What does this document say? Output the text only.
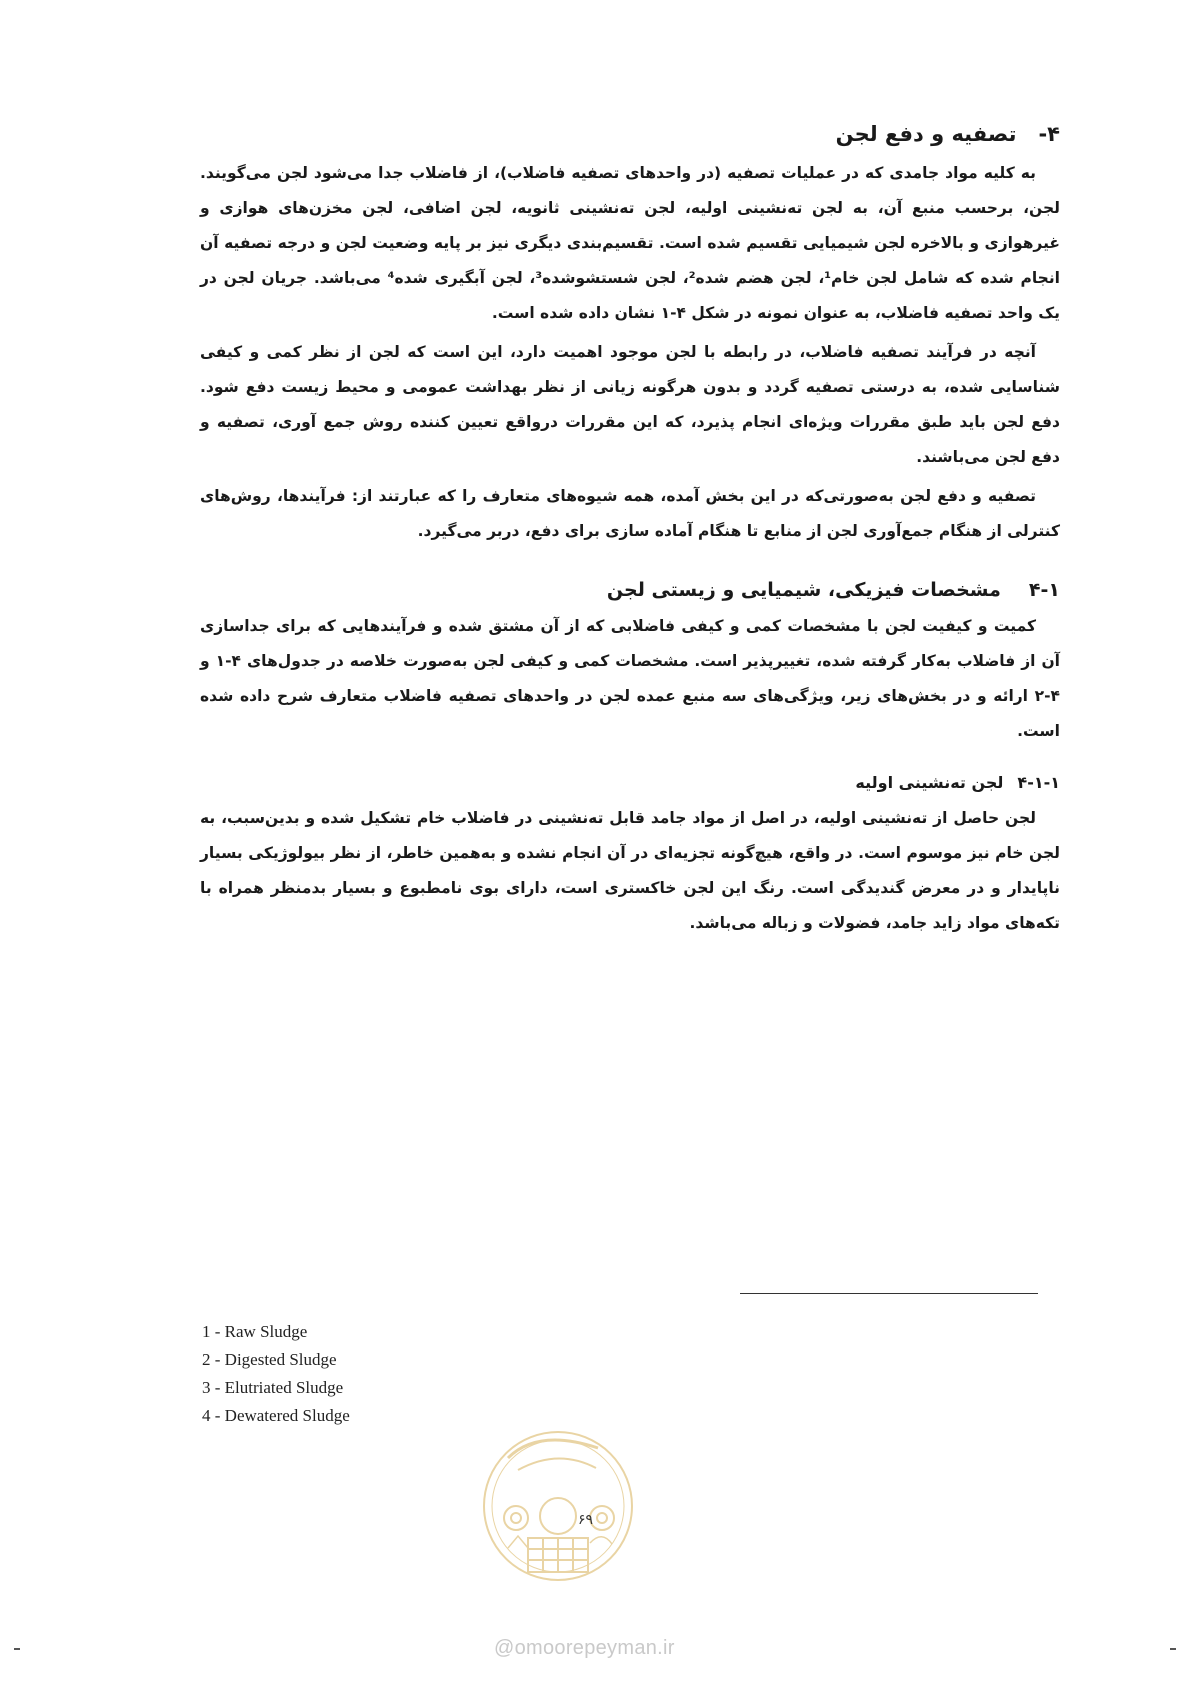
۴-
تصفیه و دفع لجن

به کلیه مواد جامدی که در عملیات تصفیه (در واحدهای تصفیه فاضلاب)، از فاضلاب جدا می‌شود لجن می‌گویند. لجن، برحسب منبع آن، به لجن ته‌نشینی اولیه، لجن ته‌نشینی ثانویه، لجن اضافی، لجن مخزن‌های هوازی و غیرهوازی و بالاخره لجن شیمیایی تقسیم شده است. تقسیم‌بندی دیگری نیز بر پایه وضعیت لجن و درجه تصفیه آن انجام شده که شامل لجن خام¹، لجن هضم شده²، لجن شستشوشده³، لجن آبگیری شده⁴ می‌باشد. جریان لجن در یک واحد تصفیه فاضلاب، به عنوان نمونه در شکل ۴-۱ نشان داده شده است.

آنچه در فرآیند تصفیه فاضلاب، در رابطه با لجن موجود اهمیت دارد، این است که لجن از نظر کمی و کیفی شناسایی شده، به درستی تصفیه گردد و بدون هرگونه زیانی از نظر بهداشت عمومی و محیط زیست دفع شود. دفع لجن باید طبق مقررات ویژه‌ای انجام پذیرد، که این مقررات درواقع تعیین کننده روش جمع آوری، تصفیه و دفع لجن می‌باشند.

تصفیه و دفع لجن به‌صورتی‌که در این بخش آمده، همه شیوه‌های متعارف را که عبارتند از: فرآیندها، روش‌های کنترلی از هنگام جمع‌آوری لجن از منابع تا هنگام آماده سازی برای دفع، دربر می‌گیرد.

۴-۱
مشخصات فیزیکی، شیمیایی و زیستی لجن

کمیت و کیفیت لجن با مشخصات کمی و کیفی فاضلابی که از آن مشتق شده و فرآیندهایی که برای جداسازی آن از فاضلاب به‌کار گرفته شده، تغییرپذیر است. مشخصات کمی و کیفی لجن به‌صورت خلاصه در جدول‌های ۴-۱ و ۴-۲ ارائه و در بخش‌های زیر، ویژگی‌های سه منبع عمده لجن در واحدهای تصفیه فاضلاب متعارف شرح داده شده است.

۴-۱-۱
لجن ته‌نشینی اولیه

لجن حاصل از ته‌نشینی اولیه، در اصل از مواد جامد قابل ته‌نشینی در فاضلاب خام تشکیل شده و بدین‌سبب، به لجن خام نیز موسوم است. در واقع، هیچ‌گونه تجزیه‌ای در آن انجام نشده و به‌همین خاطر، از نظر بیولوژیکی بسیار ناپایدار و در معرض گندیدگی است. رنگ این لجن خاکستری است، دارای بوی نامطبوع و بسیار بدمنظر همراه با تکه‌های مواد زاید جامد، فضولات و زباله می‌باشد.

1 - Raw Sludge
2 - Digested Sludge
3 - Elutriated Sludge
4 - Dewatered Sludge
۶۹
@omoorepeyman.ir
